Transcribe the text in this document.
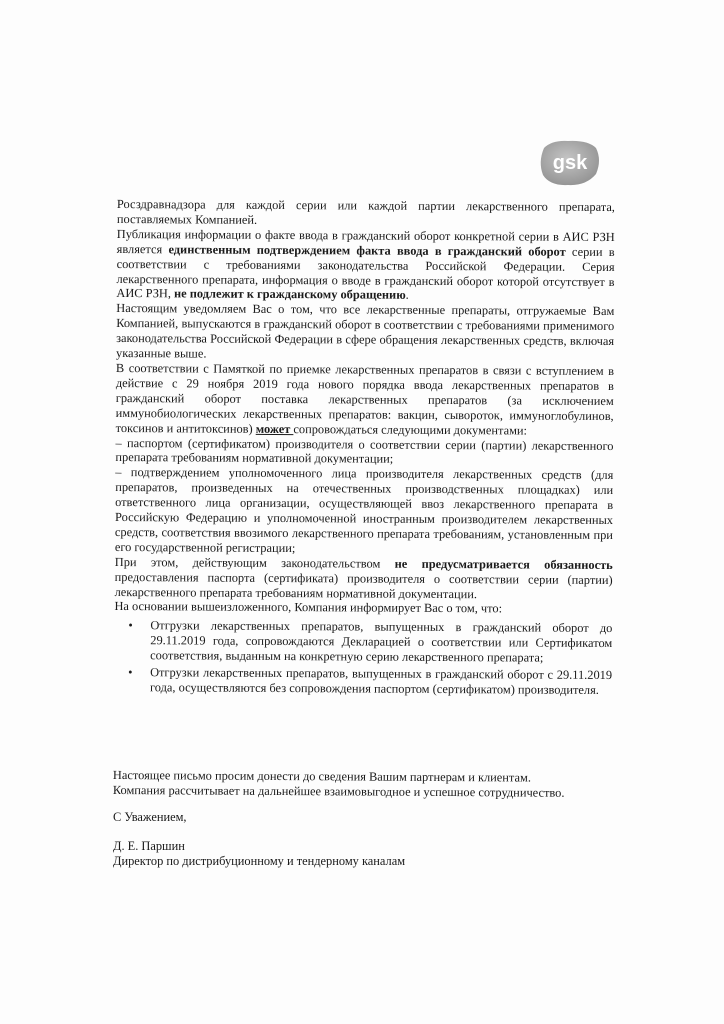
gsk

Росздравнадзора для каждой серии или каждой партии лекарственного препарата, поставляемых Компанией.

Публикация информации о факте ввода в гражданский оборот конкретной серии в АИС РЗН является единственным подтверждением факта ввода в гражданский оборот серии в соответствии с требованиями законодательства Российской Федерации. Серия лекарственного препарата, информация о вводе в гражданский оборот которой отсутствует в АИС РЗН, не подлежит к гражданскому обращению.

Настоящим уведомляем Вас о том, что все лекарственные препараты, отгружаемые Вам Компанией, выпускаются в гражданский оборот в соответствии с требованиями применимого законодательства Российской Федерации в сфере обращения лекарственных средств, включая указанные выше.

В соответствии с Памяткой по приемке лекарственных препаратов в связи с вступлением в действие с 29 ноября 2019 года нового порядка ввода лекарственных препаратов в гражданский оборот поставка лекарственных препаратов (за исключением иммунобиологических лекарственных препаратов: вакцин, сывороток, иммуноглобулинов, токсинов и антитоксинов) может сопровождаться следующими документами:

– паспортом (сертификатом) производителя о соответствии серии (партии) лекарственного препарата требованиям нормативной документации;

– подтверждением уполномоченного лица производителя лекарственных средств (для препаратов, произведенных на отечественных производственных площадках) или ответственного лица организации, осуществляющей ввоз лекарственного препарата в Российскую Федерацию и уполномоченной иностранным производителем лекарственных средств, соответствия ввозимого лекарственного препарата требованиям, установленным при его государственной регистрации;

При этом, действующим законодательством не предусматривается обязанность предоставления паспорта (сертификата) производителя о соответствии серии (партии) лекарственного препарата требованиям нормативной документации.

На основании вышеизложенного, Компания информирует Вас о том, что:

• Отгрузки лекарственных препаратов, выпущенных в гражданский оборот до 29.11.2019 года, сопровождаются Декларацией о соответствии или Сертификатом соответствия, выданным на конкретную серию лекарственного препарата;
• Отгрузки лекарственных препаратов, выпущенных в гражданский оборот с 29.11.2019 года, осуществляются без сопровождения паспортом (сертификатом) производителя.

Настоящее письмо просим донести до сведения Вашим партнерам и клиентам.

Компания рассчитывает на дальнейшее взаимовыгодное и успешное сотрудничество.

С Уважением,

Д. Е. Паршин

Директор по дистрибуционному и тендерному каналам
